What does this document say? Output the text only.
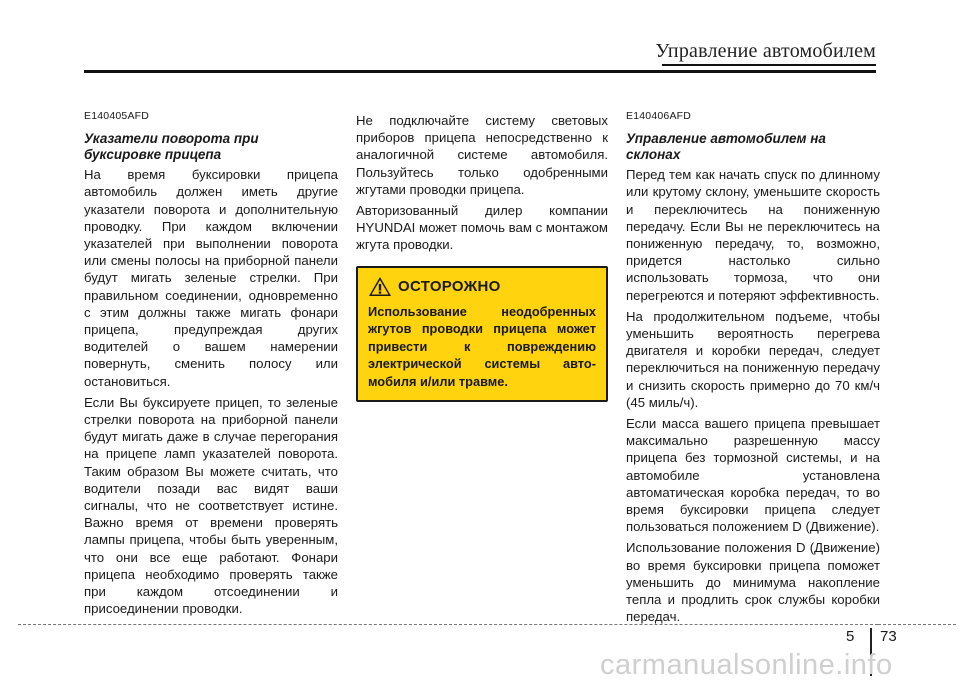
Управление автомобилем
E140405AFD
Указатели поворота при буксировке прицепа

На время буксировки прицепа автомобиль должен иметь другие указатели поворота и дополнительную проводку. При каждом включении указателей при выполнении поворота или смены полосы на приборной панели будут мигать зеленые стрелки. При правильном соединении, одновременно с этим должны также мигать фонари прицепа, предупреждая других водителей о вашем намерении повернуть, сменить полосу или остановиться.

Если Вы буксируете прицеп, то зеленые стрелки поворота на приборной панели будут мигать даже в случае перегорания на прицепе ламп указателей поворота. Таким образом Вы можете считать, что водители позади вас видят ваши сигналы, что не соответствует истине. Важно время от времени проверять лампы прицепа, чтобы быть уверенным, что они все еще работают. Фонари прицепа необходимо проверять также при каждом отсоединении и присоединении проводки.

Не подключайте систему световых приборов прицепа непосредственно к аналогичной системе автомобиля. Пользуйтесь только одобренными жгутами проводки прицепа.

Авторизованный дилер компании HYUNDAI может помочь вам с монтажом жгута проводки.

ОСТОРОЖНО
Использование неодобренных жгутов проводки прицепа может привести к повреждению электрической системы авто-мобиля и/или травме.
E140406AFD
Управление автомобилем на склонах

Перед тем как начать спуск по длинному или крутому склону, уменьшите скорость и переключитесь на пониженную передачу. Если Вы не переключитесь на пониженную передачу, то, возможно, придется настолько сильно использовать тормоза, что они перегреются и потеряют эффективность.

На продолжительном подъеме, чтобы уменьшить вероятность перегрева двигателя и коробки передач, следует переключиться на пониженную передачу и снизить скорость примерно до 70 км/ч (45 миль/ч).

Если масса вашего прицепа превышает максимально разрешенную массу прицепа без тормозной системы, и на автомобиле установлена автоматическая коробка передач, то во время буксировки прицепа следует пользоваться положением D (Движение).

Использование положения D (Движение) во время буксировки прицепа поможет уменьшить до минимума накопление тепла и продлить срок службы коробки передач.

5 73
carmanualsonline.info
